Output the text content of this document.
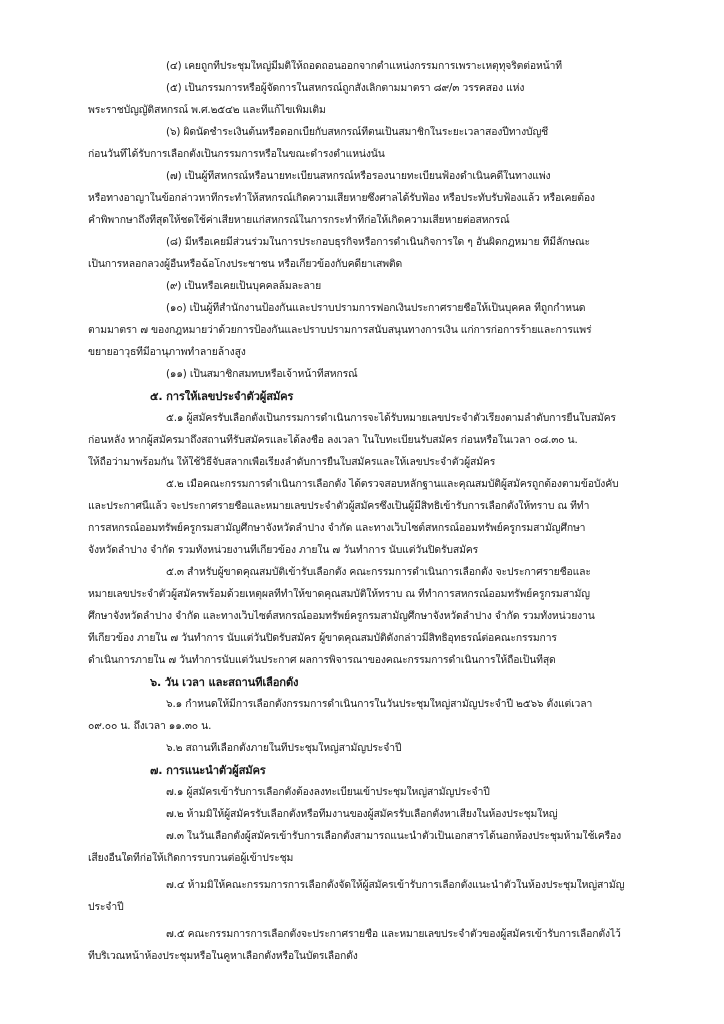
(๔) เคยถูกที่ประชุมใหญ่มีมติให้ถอดถอนออกจากตำแหน่งกรรมการเพราะเหตุทุจริตต่อหน้าที่
(๕) เป็นกรรมการหรือผู้จัดการในสหกรณ์ถูกสั่งเลิกตามมาตรา ๘๙/๓ วรรคสอง แห่ง
พระราชบัญญัติสหกรณ์ พ.ศ.๒๕๔๒ และที่แก้ไขเพิ่มเติม
(๖) ผิดนัดชำระเงินต้นหรือดอกเบี้ยกับสหกรณ์ที่ตนเป็นสมาชิกในระยะเวลาสองปีทางบัญชี
ก่อนวันที่ได้รับการเลือกตั้งเป็นกรรมการหรือในขณะดำรงตำแหน่งนั้น
(๗) เป็นผู้ที่สหกรณ์หรือนายทะเบียนสหกรณ์หรือรองนายทะเบียนฟ้องดำเนินคดีในทางแพ่ง
หรือทางอาญาในข้อกล่าวหาที่กระทำให้สหกรณ์เกิดความเสียหายซึ่งศาลได้รับฟ้อง หรือประทับรับฟ้องแล้ว หรือเคยต้อง
คำพิพากษาถึงที่สุดให้ชดใช้ค่าเสียหายแก่สหกรณ์ในการกระทำที่ก่อให้เกิดความเสียหายต่อสหกรณ์
(๘) มีหรือเคยมีส่วนร่วมในการประกอบธุรกิจหรือการดำเนินกิจการใด ๆ อันผิดกฎหมาย ที่มีลักษณะ
เป็นการหลอกลวงผู้อื่นหรือฉ้อโกงประชาชน หรือเกี่ยวข้องกับคดียาเสพติด
(๙) เป็นหรือเคยเป็นบุคคลล้มละลาย
(๑๐) เป็นผู้ที่สำนักงานป้องกันและปราบปรามการฟอกเงินประกาศรายชื่อให้เป็นบุคคล ที่ถูกกำหนด
ตามมาตรา ๗ ของกฎหมายว่าด้วยการป้องกันและปราบปรามการสนับสนุนทางการเงิน แก่การก่อการร้ายและการแพร่
ขยายอาวุธที่มีอานุภาพทำลายล้างสูง
(๑๑) เป็นสมาชิกสมทบหรือเจ้าหน้าที่สหกรณ์
๕. การให้เลขประจำตัวผู้สมัคร
๕.๑ ผู้สมัครรับเลือกตั้งเป็นกรรมการดำเนินการจะได้รับหมายเลขประจำตัวเรียงตามลำดับการยื่นใบสมัคร
ก่อนหลัง หากผู้สมัครมาถึงสถานที่รับสมัครและได้ลงชื่อ ลงเวลา ในใบทะเบียนรับสมัคร ก่อนหรือในเวลา ๐๘.๓๐ น.
ให้ถือว่ามาพร้อมกัน ให้ใช้วิธีจับสลากเพื่อเรียงลำดับการยื่นใบสมัครและให้เลขประจำตัวผู้สมัคร
๕.๒ เมื่อคณะกรรมการดำเนินการเลือกตั้ง ได้ตรวจสอบหลักฐานและคุณสมบัติผู้สมัครถูกต้องตามข้อบังคับ
และประกาศนี้แล้ว จะประกาศรายชื่อและหมายเลขประจำตัวผู้สมัครซึ่งเป็นผู้มีสิทธิเข้ารับการเลือกตั้งให้ทราบ ณ ที่ทำ
การสหกรณ์ออมทรัพย์ครูกรมสามัญศึกษาจังหวัดลำปาง จำกัด และทางเว็บไซต์สหกรณ์ออมทรัพย์ครูกรมสามัญศึกษา
จังหวัดลำปาง จำกัด รวมทั้งหน่วยงานที่เกี่ยวข้อง ภายใน ๗ วันทำการ นับแต่วันปิดรับสมัคร
๕.๓ สำหรับผู้ขาดคุณสมบัติเข้ารับเลือกตั้ง คณะกรรมการดำเนินการเลือกตั้ง จะประกาศรายชื่อและ
หมายเลขประจำตัวผู้สมัครพร้อมด้วยเหตุผลที่ทำให้ขาดคุณสมบัติให้ทราบ ณ ที่ทำการสหกรณ์ออมทรัพย์ครูกรมสามัญ
ศึกษาจังหวัดลำปาง จำกัด และทางเว็บไซต์สหกรณ์ออมทรัพย์ครูกรมสามัญศึกษาจังหวัดลำปาง จำกัด รวมทั้งหน่วยงาน
ที่เกี่ยวข้อง ภายใน ๗ วันทำการ นับแต่วันปิดรับสมัคร ผู้ขาดคุณสมบัติดังกล่าวมีสิทธิอุทธรณ์ต่อคณะกรรมการ
ดำเนินการภายใน ๗ วันทำการนับแต่วันประกาศ ผลการพิจารณาของคณะกรรมการดำเนินการให้ถือเป็นที่สุด
๖. วัน เวลา และสถานที่เลือกตั้ง
๖.๑ กำหนดให้มีการเลือกตั้งกรรมการดำเนินการในวันประชุมใหญ่สามัญประจำปี ๒๕๖๖ ตั้งแต่เวลา
๐๙.๐๐ น. ถึงเวลา ๑๑.๓๐ น.
๖.๒ สถานที่เลือกตั้งภายในที่ประชุมใหญ่สามัญประจำปี
๗. การแนะนำตัวผู้สมัคร
๗.๑ ผู้สมัครเข้ารับการเลือกตั้งต้องลงทะเบียนเข้าประชุมใหญ่สามัญประจำปี
๗.๒ ห้ามมิให้ผู้สมัครรับเลือกตั้งหรือทีมงานของผู้สมัครรับเลือกตั้งหาเสียงในห้องประชุมใหญ่
๗.๓ ในวันเลือกตั้งผู้สมัครเข้ารับการเลือกตั้งสามารถแนะนำตัวเป็นเอกสารได้นอกห้องประชุมห้ามใช้เครื่อง
เสียงอื่นใดที่ก่อให้เกิดการรบกวนต่อผู้เข้าประชุม
๗.๔ ห้ามมิให้คณะกรรมการการเลือกตั้งจัดให้ผู้สมัครเข้ารับการเลือกตั้งแนะนำตัวในห้องประชุมใหญ่สามัญ
ประจำปี
๗.๕ คณะกรรมการการเลือกตั้งจะประกาศรายชื่อ และหมายเลขประจำตัวของผู้สมัครเข้ารับการเลือกตั้งไว้
ที่บริเวณหน้าห้องประชุมหรือในคูหาเลือกตั้งหรือในบัตรเลือกตั้ง
